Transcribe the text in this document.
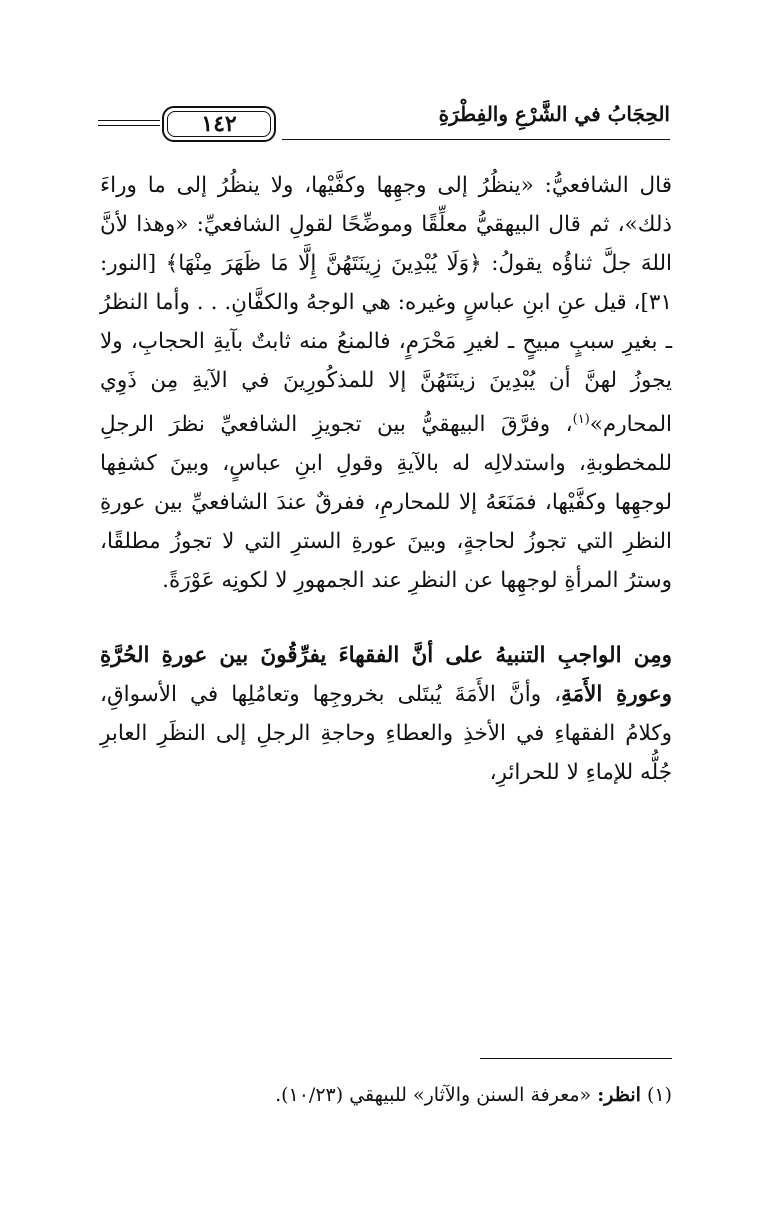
الحِجَابُ في الشَّرْعِ والفِطْرَةِ
١٤٢

قال الشافعيُّ: «ينظُرُ إلى وجهِها وكفَّيْها، ولا ينظُرُ إلى ما وراءَ ذلك»، ثم قال البيهقيُّ معلِّقًا وموضِّحًا لقولِ الشافعيِّ: «وهذا لأنَّ اللهَ جلَّ ثناؤُه يقولُ: ﴿وَلَا يُبْدِينَ زِينَتَهُنَّ إِلَّا مَا ظَهَرَ مِنْهَا﴾ [النور: ٣١]، قيل عنِ ابنِ عباسٍ وغيره: هي الوجهُ والكفَّانِ. . . وأما النظرُ ـ بغيرِ سببٍ مبيحٍ ـ لغيرِ مَحْرَمٍ، فالمنعُ منه ثابتٌ بآيةِ الحجابِ، ولا يجوزُ لهنَّ أن يُبْدِينَ زينَتَهُنَّ إلا للمذكُورِينَ في الآيةِ مِن ذَوِي المحارم»$^{(١)}$، وفرَّقَ البيهقيُّ بين تجويزِ الشافعيِّ نظرَ الرجلِ للمخطوبةِ، واستدلالِه له بالآيةِ وقولِ ابنِ عباسٍ، وبينَ كشفِها لوجهِها وكفَّيْها، فمَنَعَهُ إلا للمحارمِ، ففرقٌ عندَ الشافعيِّ بين عورةِ النظرِ التي تجوزُ لحاجةٍ، وبينَ عورةِ السترِ التي لا تجوزُ مطلقًا، وسترُ المرأةِ لوجهِها عن النظرِ عند الجمهورِ لا لكونِه عَوْرَةً.

ومِن الواجبِ التنبيهُ على أنَّ الفقهاءَ يفرِّقُونَ بين عورةِ الحُرَّةِ وعورةِ الأَمَةِ، وأنَّ الأَمَةَ يُبتَلى بخروجِها وتعامُلِها في الأسواقِ، وكلامُ الفقهاءِ في الأخذِ والعطاءِ وحاجةِ الرجلِ إلى النظَرِ العابرِ جُلُّه للإماءِ لا للحرائرِ،

(١) انظر: «معرفة السنن والآثار» للبيهقي (١٠/٢٣).
